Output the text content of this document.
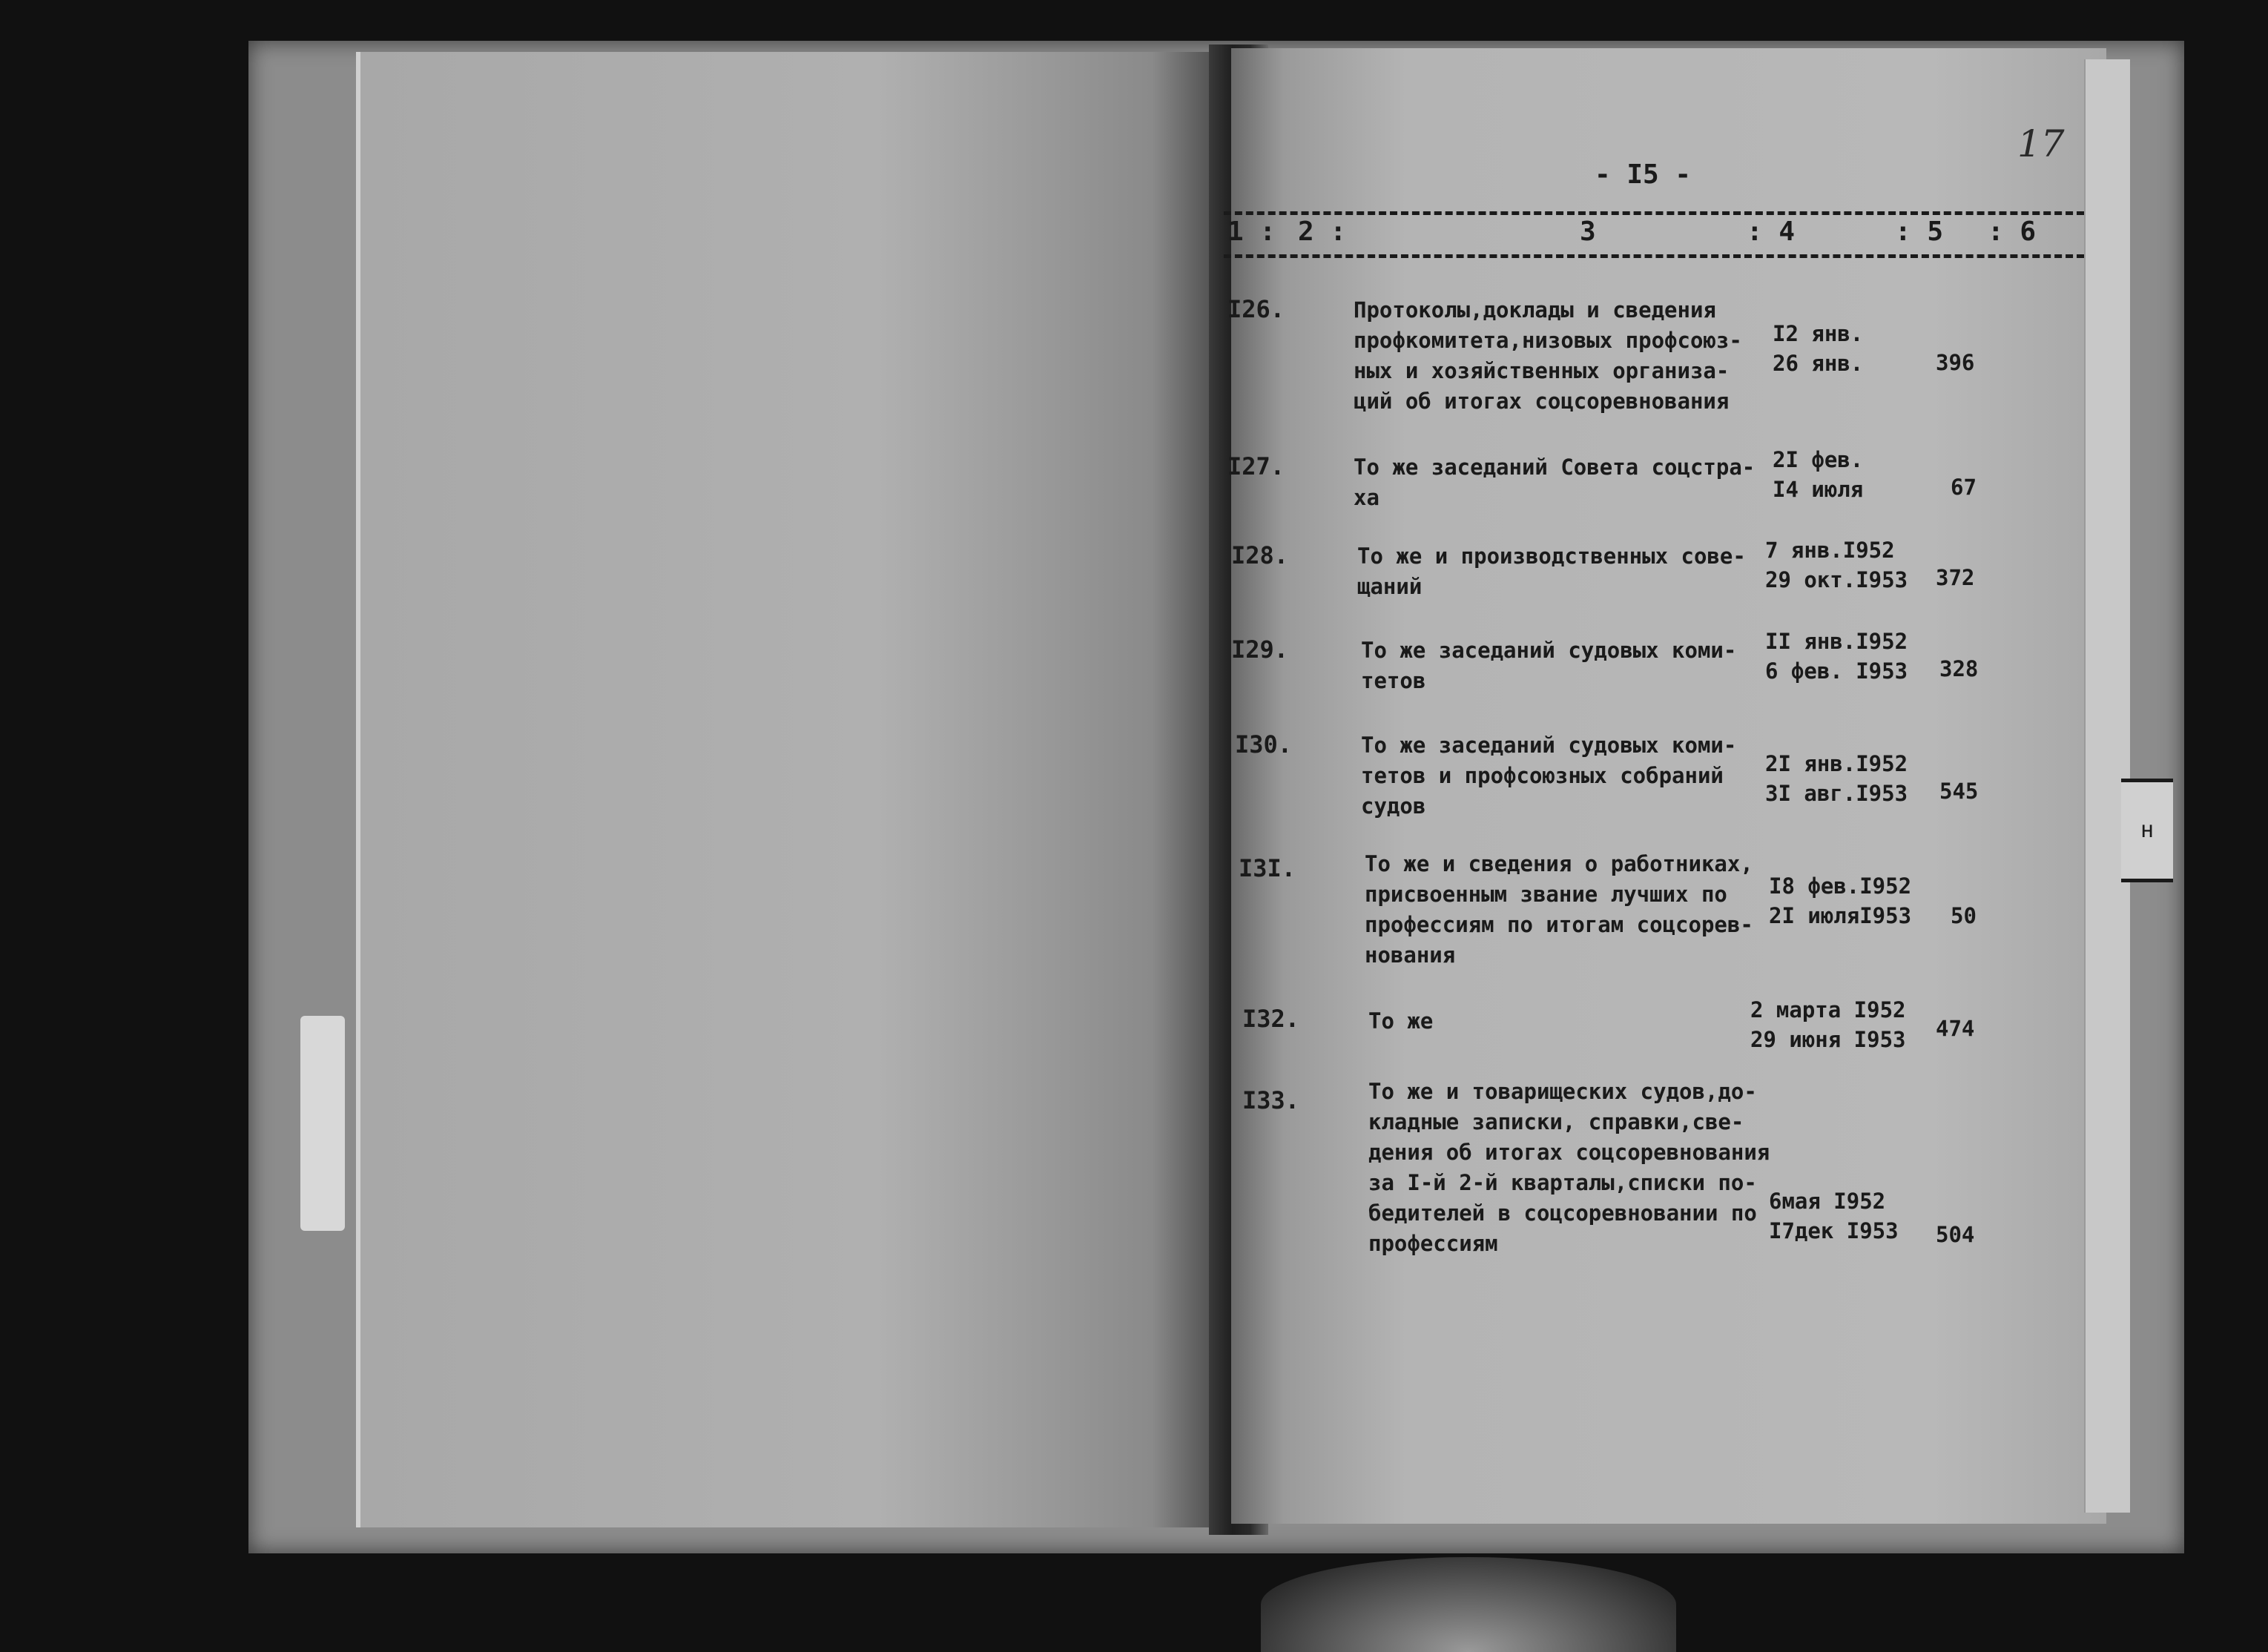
н
- I5 -
17
1 : 2 :	3	: 4	: 5 : 6
I26.	Протоколы,доклады и сведения
профкомитета,низовых профсоюз-
ных и хозяйственных организа-
ций об итогах соцсоревнования
I2 янв.
26 янв.	396
I27.	То же заседаний Совета соцстра-
ха
2I фев.
I4 июля	67
I28.	То же и производственных сове-
щаний
7 янв.I952
29 окт.I953 372
I29.	То же заседаний судовых коми-
тетов
II янв.I952
6 фев. I953 328
I30.	То же заседаний судовых коми-
тетов и профсоюзных собраний
судов
2I янв.I952
3I авг.I953 545
I3I.	То же и сведения о работниках,
присвоенным звание лучших по
профессиям по итогам соцсорев-
нования
I8 фев.I952
2I июляI953 50
I32.	То же	2 марта I952
29 июня I953 474
I33.	То же и товарищеских судов,до-
кладные записки, справки,све-
дения об итогах соцсоревнования
за I-й 2-й кварталы,списки по-
бедителей в соцсоревновании по
профессиям
6мая I952
I7дек I953 504
